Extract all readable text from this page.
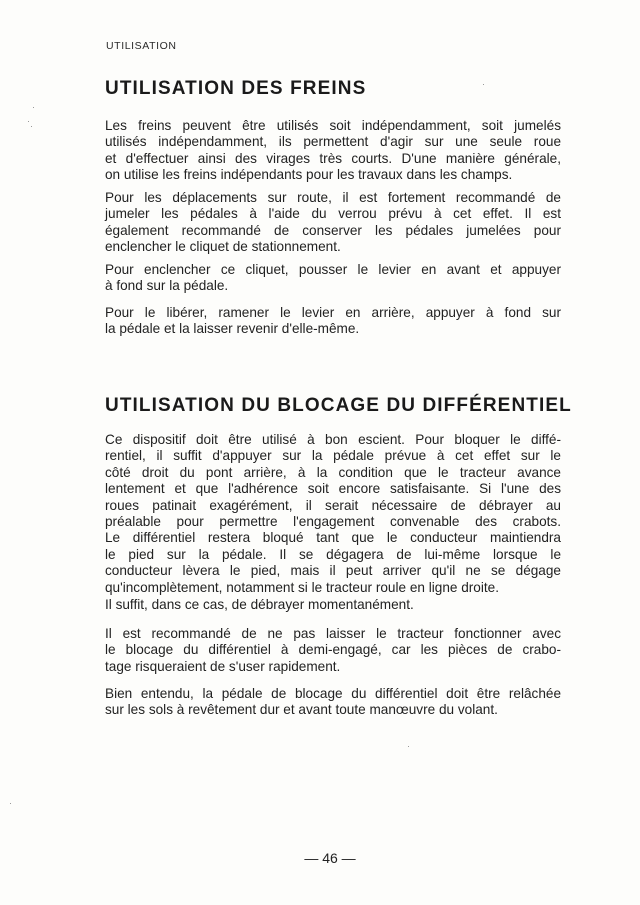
UTILISATION
UTILISATION DES FREINS
Les freins peuvent être utilisés soit indépendamment, soit jumelés
utilisés indépendamment, ils permettent d'agir sur une seule roue
et d'effectuer ainsi des virages très courts. D'une manière générale,
on utilise les freins indépendants pour les travaux dans les champs.
Pour les déplacements sur route, il est fortement recommandé de
jumeler les pédales à l'aide du verrou prévu à cet effet. Il est
également recommandé de conserver les pédales jumelées pour
enclencher le cliquet de stationnement.
Pour enclencher ce cliquet, pousser le levier en avant et appuyer
à fond sur la pédale.
Pour le libérer, ramener le levier en arrière, appuyer à fond sur
la pédale et la laisser revenir d'elle-même.
UTILISATION DU BLOCAGE DU DIFFÉRENTIEL
Ce dispositif doit être utilisé à bon escient. Pour bloquer le diffé-
rentiel, il suffit d'appuyer sur la pédale prévue à cet effet sur le
côté droit du pont arrière, à la condition que le tracteur avance
lentement et que l'adhérence soit encore satisfaisante. Si l'une des
roues patinait exagérément, il serait nécessaire de débrayer au
préalable pour permettre l'engagement convenable des crabots.
Le différentiel restera bloqué tant que le conducteur maintiendra
le pied sur la pédale. Il se dégagera de lui-même lorsque le
conducteur lèvera le pied, mais il peut arriver qu'il ne se dégage
qu'incomplètement, notamment si le tracteur roule en ligne droite.
Il suffit, dans ce cas, de débrayer momentanément.
Il est recommandé de ne pas laisser le tracteur fonctionner avec
le blocage du différentiel à demi-engagé, car les pièces de crabo-
tage risqueraient de s'user rapidement.
Bien entendu, la pédale de blocage du différentiel doit être relâchée
sur les sols à revêtement dur et avant toute manœuvre du volant.
— 46 —
